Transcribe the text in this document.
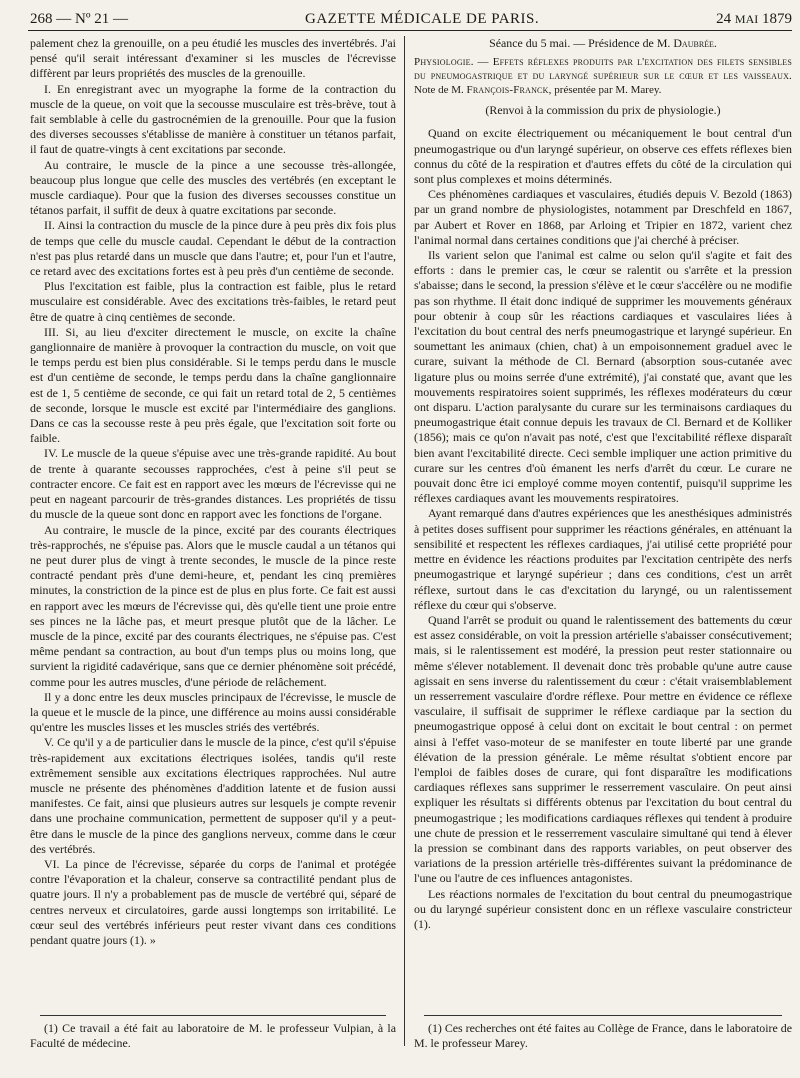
268 — Nº 21 —	GAZETTE MÉDICALE DE PARIS.	24 MAI 1879

palement chez la grenouille, on a peu étudié les muscles des invertébrés. J'ai pensé qu'il serait intéressant d'examiner si les muscles de l'écrevisse diffèrent par leurs propriétés des muscles de la grenouille.

I. En enregistrant avec un myographe la forme de la contraction du muscle de la queue, on voit que la secousse musculaire est très-brève, tout à fait semblable à celle du gastrocnémien de la grenouille. Pour que la fusion des diverses secousses s'établisse de manière à constituer un tétanos parfait, il faut de quatre-vingts à cent excitations par seconde.

Au contraire, le muscle de la pince a une secousse très-allongée, beaucoup plus longue que celle des muscles des vertébrés (en exceptant le muscle cardiaque). Pour que la fusion des diverses secousses constitue un tétanos parfait, il suffit de deux à quatre excitations par seconde.

II. Ainsi la contraction du muscle de la pince dure à peu près dix fois plus de temps que celle du muscle caudal. Cependant le début de la contraction n'est pas plus retardé dans un muscle que dans l'autre; et, pour l'un et l'autre, ce retard avec des excitations fortes est à peu près d'un centième de seconde.

Plus l'excitation est faible, plus la contraction est faible, plus le retard musculaire est considérable. Avec des excitations très-faibles, le retard peut être de quatre à cinq centièmes de seconde.

III. Si, au lieu d'exciter directement le muscle, on excite la chaîne ganglionnaire de manière à provoquer la contraction du muscle, on voit que le temps perdu est bien plus considérable. Si le temps perdu dans le muscle est d'un centième de seconde, le temps perdu dans la chaîne ganglionnaire est de 1, 5 centième de seconde, ce qui fait un retard total de 2, 5 centièmes de seconde, lorsque le muscle est excité par l'intermédiaire des ganglions. Dans ce cas la secousse reste à peu près égale, que l'excitation soit forte ou faible.

IV. Le muscle de la queue s'épuise avec une très-grande rapidité. Au bout de trente à quarante secousses rapprochées, c'est à peine s'il peut se contracter encore. Ce fait est en rapport avec les mœurs de l'écrevisse qui ne peut en nageant parcourir de très-grandes distances. Les propriétés de tissu du muscle de la queue sont donc en rapport avec les fonctions de l'organe.

Au contraire, le muscle de la pince, excité par des courants électriques très-rapprochés, ne s'épuise pas. Alors que le muscle caudal a un tétanos qui ne peut durer plus de vingt à trente secondes, le muscle de la pince reste contracté pendant près d'une demi-heure, et, pendant les cinq premières minutes, la constriction de la pince est de plus en plus forte. Ce fait est aussi en rapport avec les mœurs de l'écrevisse qui, dès qu'elle tient une proie entre ses pinces ne la lâche pas, et meurt presque plutôt que de la lâcher. Le muscle de la pince, excité par des courants électriques, ne s'épuise pas. C'est même pendant sa contraction, au bout d'un temps plus ou moins long, que survient la rigidité cadavérique, sans que ce dernier phénomène soit précédé, comme pour les autres muscles, d'une période de relâchement.

Il y a donc entre les deux muscles principaux de l'écrevisse, le muscle de la queue et le muscle de la pince, une différence au moins aussi considérable qu'entre les muscles lisses et les muscles striés des vertébrés.

V. Ce qu'il y a de particulier dans le muscle de la pince, c'est qu'il s'épuise très-rapidement aux excitations électriques isolées, tandis qu'il reste extrêmement sensible aux excitations électriques rapprochées. Nul autre muscle ne présente des phénomènes d'addition latente et de fusion aussi manifestes. Ce fait, ainsi que plusieurs autres sur lesquels je compte revenir dans une prochaine communication, permettent de supposer qu'il y a peut-être dans le muscle de la pince des ganglions nerveux, comme dans le cœur des vertébrés.

VI. La pince de l'écrevisse, séparée du corps de l'animal et protégée contre l'évaporation et la chaleur, conserve sa contractilité pendant plus de quatre jours. Il n'y a probablement pas de muscle de vertébré qui, séparé de centres nerveux et circulatoires, garde aussi longtemps son irritabilité. Le cœur seul des vertébrés inférieurs peut rester vivant dans ces conditions pendant quatre jours (1). »

Séance du 5 mai. — Présidence de M. Daubrée.

Physiologie. — Effets réflexes produits par l'excitation des filets sensibles du pneumogastrique et du laryngé supérieur sur le cœur et les vaisseaux. Note de M. François-Franck, présentée par M. Marey.

(Renvoi à la commission du prix de physiologie.)

Quand on excite électriquement ou mécaniquement le bout central d'un pneumogastrique ou d'un laryngé supérieur, on observe ces effets réflexes bien connus du côté de la respiration et d'autres effets du côté de la circulation qui sont plus complexes et moins déterminés.

Ces phénomènes cardiaques et vasculaires, étudiés depuis V. Bezold (1863) par un grand nombre de physiologistes, notamment par Dreschfeld en 1867, par Aubert et Rover en 1868, par Arloing et Tripier en 1872, varient chez l'animal normal dans certaines conditions que j'ai cherché à préciser.

Ils varient selon que l'animal est calme ou selon qu'il s'agite et fait des efforts : dans le premier cas, le cœur se ralentit ou s'arrête et la pression s'abaisse; dans le second, la pression s'élève et le cœur s'accélère ou ne modifie pas son rhythme. Il était donc indiqué de supprimer les mouvements généraux pour obtenir à coup sûr les réactions cardiaques et vasculaires liées à l'excitation du bout central des nerfs pneumogastrique et laryngé supérieur. En soumettant les animaux (chien, chat) à un empoisonnement graduel avec le curare, suivant la méthode de Cl. Bernard (absorption sous-cutanée avec ligature plus ou moins serrée d'une extrémité), j'ai constaté que, avant que les mouvements respiratoires soient supprimés, les réflexes modérateurs du cœur ont disparu. L'action paralysante du curare sur les terminaisons cardiaques du pneumogastrique était connue depuis les travaux de Cl. Bernard et de Kolliker (1856); mais ce qu'on n'avait pas noté, c'est que l'excitabilité réflexe disparaît bien avant l'excitabilité directe. Ceci semble impliquer une action primitive du curare sur les centres d'où émanent les nerfs d'arrêt du cœur. Le curare ne pouvait donc être ici employé comme moyen contentif, puisqu'il supprime les réflexes cardiaques avant les mouvements respiratoires.

Ayant remarqué dans d'autres expériences que les anesthésiques administrés à petites doses suffisent pour supprimer les réactions générales, en atténuant la sensibilité et respectent les réflexes cardiaques, j'ai utilisé cette propriété pour mettre en évidence les réactions produites par l'excitation centripète des nerfs pneumogastrique et laryngé supérieur ; dans ces conditions, c'est un arrêt réflexe, surtout dans le cas d'excitation du laryngé, ou un ralentissement réflexe du cœur qui s'observe.

Quand l'arrêt se produit ou quand le ralentissement des battements du cœur est assez considérable, on voit la pression artérielle s'abaisser consécutivement; mais, si le ralentissement est modéré, la pression peut rester stationnaire ou même s'élever notablement. Il devenait donc très probable qu'une autre cause agissait en sens inverse du ralentissement du cœur : c'était vraisemblablement un resserrement vasculaire d'ordre réflexe. Pour mettre en évidence ce réflexe vasculaire, il suffisait de supprimer le réflexe cardiaque par la section du pneumogastrique opposé à celui dont on excitait le bout central : on permet ainsi à l'effet vaso-moteur de se manifester en toute liberté par une grande élévation de la pression générale. Le même résultat s'obtient encore par l'emploi de faibles doses de curare, qui font disparaître les modifications cardiaques réflexes sans supprimer le resserrement vasculaire. On peut ainsi expliquer les résultats si différents obtenus par l'excitation du bout central du pneumogastrique ; les modifications cardiaques réflexes qui tendent à produire une chute de pression et le resserrement vasculaire simultané qui tend à élever la pression se combinant dans des rapports variables, on peut observer des variations de la pression artérielle très-différentes suivant la prédominance de l'une ou l'autre de ces influences antagonistes.

Les réactions normales de l'excitation du bout central du pneumogastrique ou du laryngé supérieur consistent donc en un réflexe vasculaire constricteur (1).

(1) Ce travail a été fait au laboratoire de M. le professeur Vulpian, à la Faculté de médecine.

(1) Ces recherches ont été faites au Collège de France, dans le laboratoire de M. le professeur Marey.
